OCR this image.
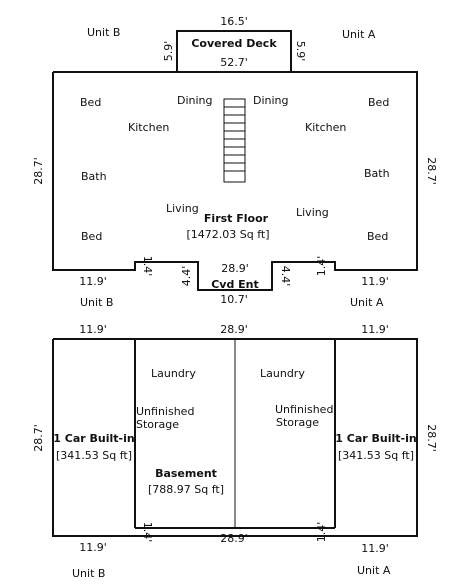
Unit B	Unit A
16.5'
Covered Deck
5.9'	5.9'
52.7'
28.7'	28.7'
Bed	Dining
Kitchen
Bath
Living
Bed
Dining	Bed
Kitchen
Bath
Living
Bed
First Floor
[1472.03 Sq ft]
28.9'
Cvd Ent
4.4'	4.4'
10.7'
1.4'	1.4'
11.9'	11.9'
Unit B	Unit A
11.9'	28.9'	11.9'
28.7'	28.7'
1 Car Built-in
[341.53 Sq ft]
1 Car Built-in
[341.53 Sq ft]
Laundry	Laundry
Unfinished
Storage
Unfinished
Storage
Basement
[788.97 Sq ft]
1.4'	1.4'
11.9'
28.9'
11.9'
Unit B	Unit A
